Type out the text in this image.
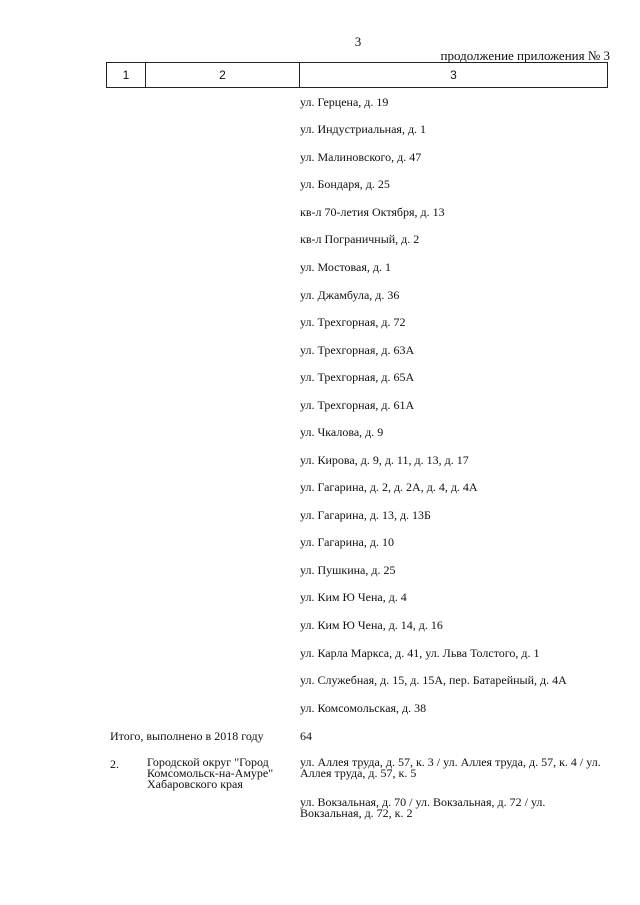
3
продолжение приложения № 3
1	2	3
ул. Герцена, д. 19
ул. Индустриальная, д. 1
ул. Малиновского, д. 47
ул. Бондаря, д. 25
кв-л 70-летия Октября, д. 13
кв-л Пограничный, д. 2
ул. Мостовая, д. 1
ул. Джамбула, д. 36
ул. Трехгорная, д. 72
ул. Трехгорная, д. 63А
ул. Трехгорная, д. 65А
ул. Трехгорная, д. 61А
ул. Чкалова, д. 9
ул. Кирова, д. 9, д. 11, д. 13, д. 17
ул. Гагарина, д. 2, д. 2А, д. 4, д. 4А
ул. Гагарина, д. 13, д. 13Б
ул. Гагарина, д. 10
ул. Пушкина, д. 25
ул. Ким Ю Чена, д. 4
ул. Ким Ю Чена, д. 14, д. 16
ул. Карла Маркса, д. 41, ул. Льва Толстого, д. 1
ул. Служебная, д. 15, д. 15А, пер. Батарейный, д. 4А
ул. Комсомольская, д. 38
Итого, выполнено в 2018 году	64
2. Городской округ "Город Комсомольск-на-Амуре" Хабаровского края
ул. Аллея труда, д. 57, к. 3 / ул. Аллея труда, д. 57, к. 4 / ул. Аллея труда, д. 57, к. 5
ул. Вокзальная, д. 70 / ул. Вокзальная, д. 72 / ул. Вокзальная, д. 72, к. 2
